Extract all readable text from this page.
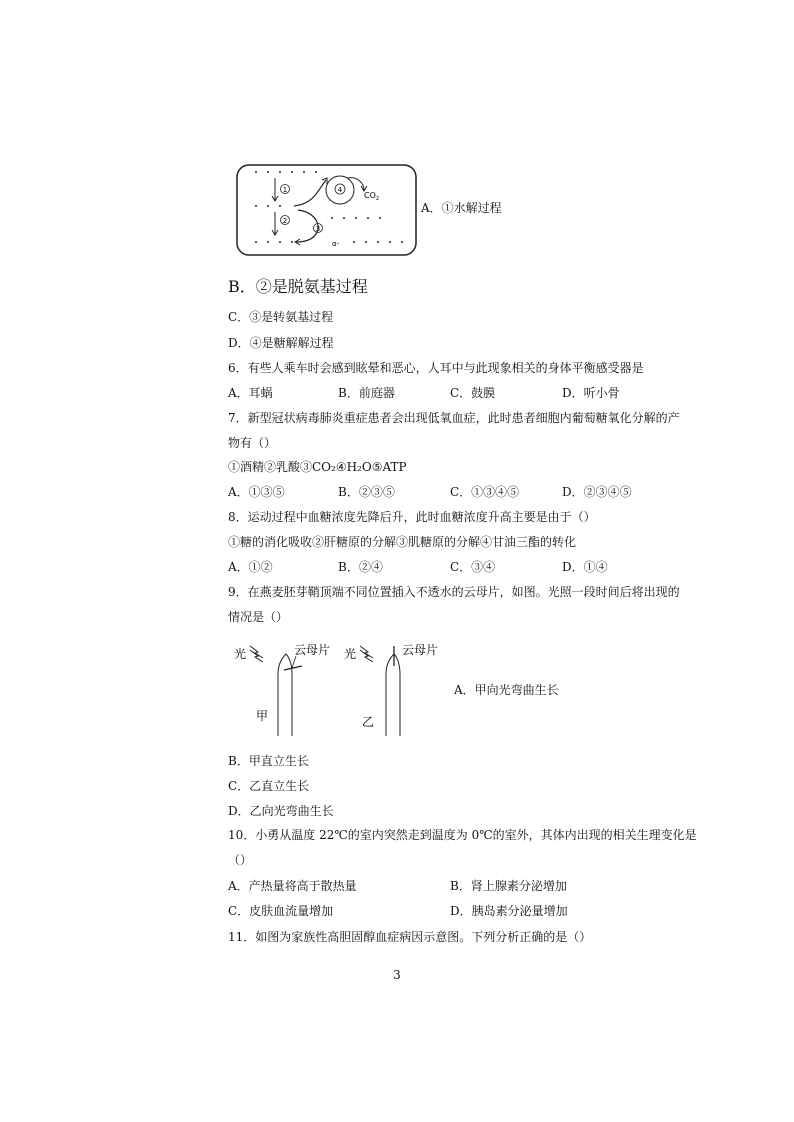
1
2
4
$CO_2$
3
α-
A．①水解过程
B．②是脱氨基过程
C．③是转氨基过程
D．④是糖解解过程
6．有些人乘车时会感到眩晕和恶心，人耳中与此现象相关的身体平衡感受器是
A．耳蜗	B．前庭器	C．鼓膜	D．听小骨
7．新型冠状病毒肺炎重症患者会出现低氧血症，此时患者细胞内葡萄糖氧化分解的产
物有（）
①酒精②乳酸③CO₂④H₂O⑤ATP
A．①③⑤	B．②③⑤	C．①③④⑤	D．②③④⑤
8．运动过程中血糖浓度先降后升，此时血糖浓度升高主要是由于（）
①糖的消化吸收②肝糖原的分解③肌糖原的分解④甘油三酯的转化
A．①②	B．②④	C．③④	D．①④
9．在燕麦胚芽鞘顶端不同位置插入不透水的云母片，如图。光照一段时间后将出现的
情况是（）
光	云母片
甲
光	云母片
乙
A．甲向光弯曲生长
B．甲直立生长
C．乙直立生长
D．乙向光弯曲生长
10．小勇从温度 22℃的室内突然走到温度为 0℃的室外，其体内出现的相关生理变化是
（）
A．产热量将高于散热量	B．肾上腺素分泌增加
C．皮肤血流量增加	D．胰岛素分泌量增加
11．如图为家族性高胆固醇血症病因示意图。下列分析正确的是（）
3
